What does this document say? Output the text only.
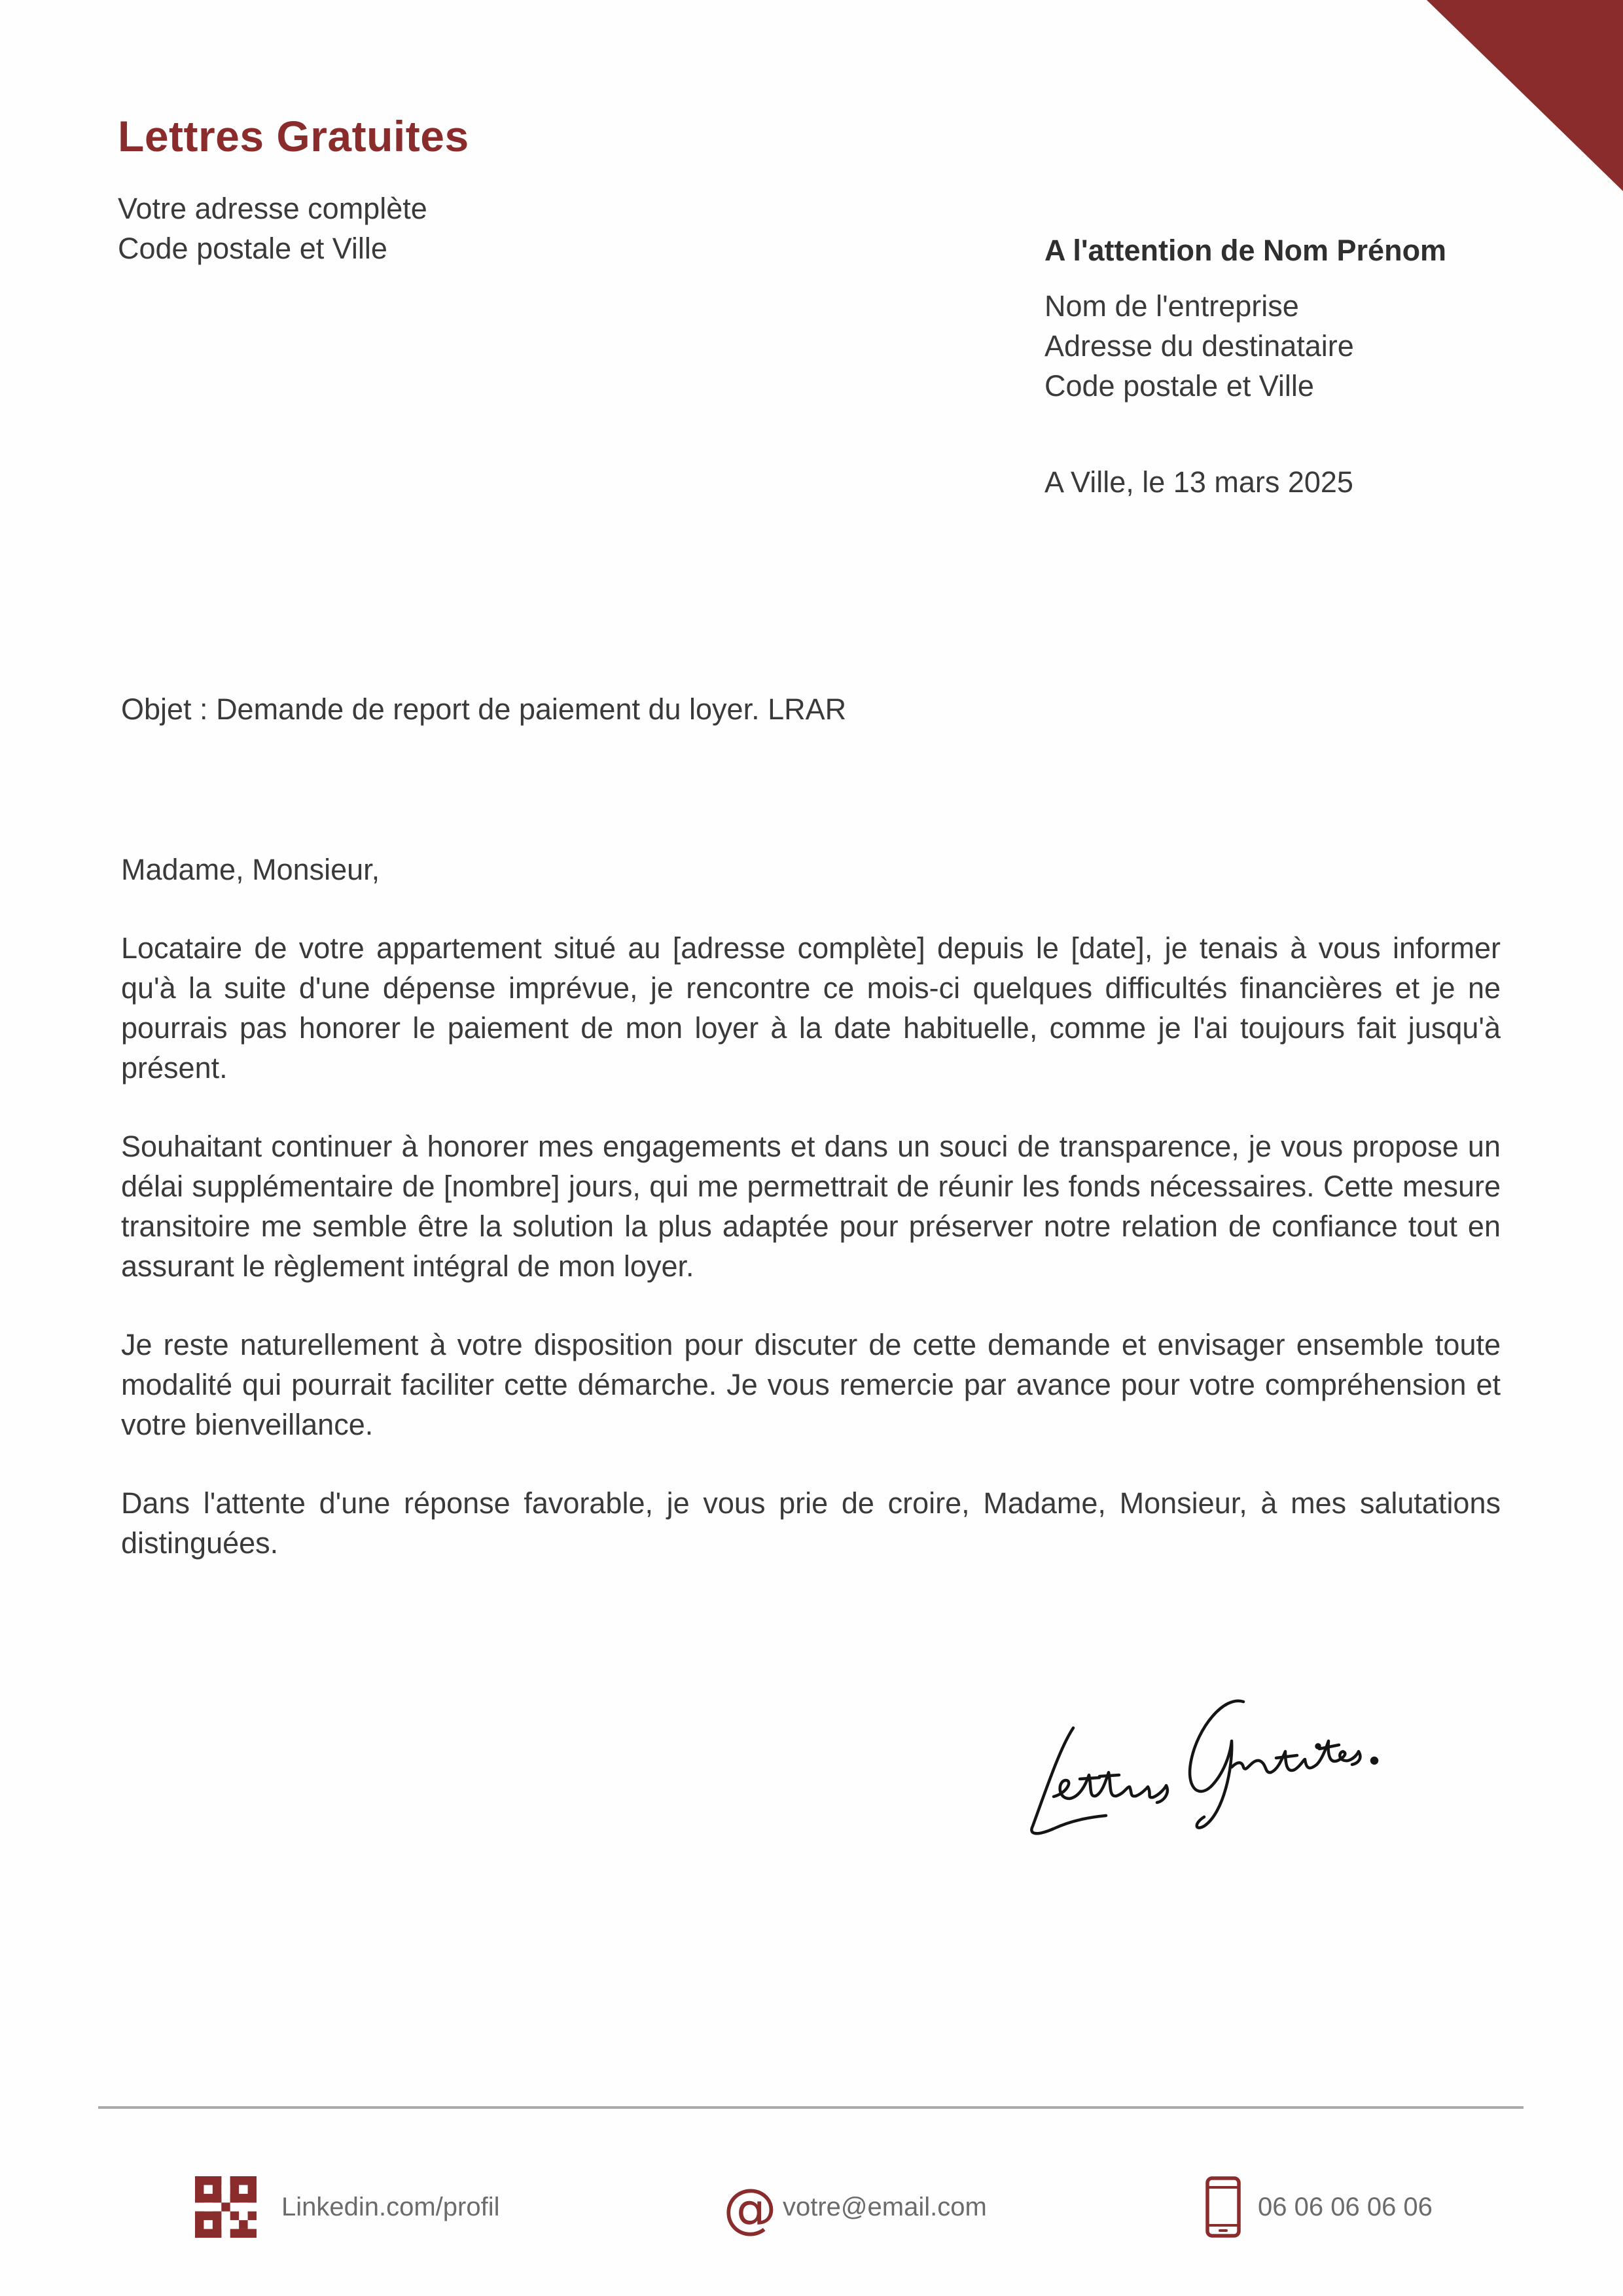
Lettres Gratuites
Votre adresse complète
Code postale et Ville	A l'attention de Nom Prénom
Nom de l'entreprise
Adresse du destinataire
Code postale et Ville
A Ville, le 13 mars 2025
Objet : Demande de report de paiement du loyer. LRAR

Madame, Monsieur,

Locataire de votre appartement situé au [adresse complète] depuis le [date], je tenais à vous informer qu'à la suite d'une dépense imprévue, je rencontre ce mois-ci quelques difficultés financières et je ne pourrais pas honorer le paiement de mon loyer à la date habituelle, comme je l'ai toujours fait jusqu'à présent.

Souhaitant continuer à honorer mes engagements et dans un souci de transparence, je vous propose un délai supplémentaire de [nombre] jours, qui me permettrait de réunir les fonds nécessaires. Cette mesure transitoire me semble être la solution la plus adaptée pour préserver notre relation de confiance tout en assurant le règlement intégral de mon loyer.

Je reste naturellement à votre disposition pour discuter de cette demande et envisager ensemble toute modalité qui pourrait faciliter cette démarche. Je vous remercie par avance pour votre compréhension et votre bienveillance.

Dans l'attente d'une réponse favorable, je vous prie de croire, Madame, Monsieur, à mes salutations distinguées.

Linkedin.com/profil	@ votre@email.com	06 06 06 06 06
